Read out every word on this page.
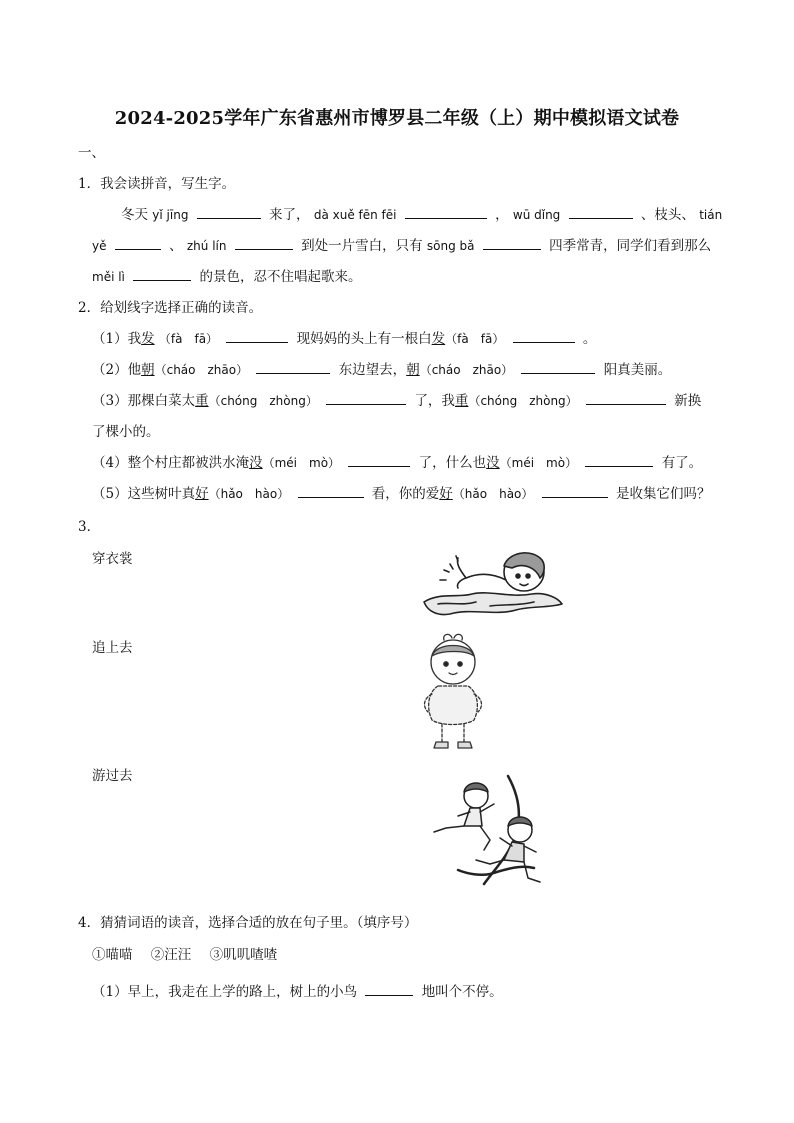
2024-2025学年广东省惠州市博罗县二年级（上）期中模拟语文试卷
一、
1．我会读拼音，写生字。
冬天 yǐ jīng	来了， dà xuě fēn fēi	， wū dǐng	、枝头、 tián
yě	、 zhú lín	到处一片雪白，只有 sōng bǎ	四季常青，同学们看到那么
měi lì	的景色，忍不住唱起歌来。
2．给划线字选择正确的读音。
（1）我发 （fà　fā）	现妈妈的头上有一根白发（fà　fā）	。
（2）他朝（cháo　zhāo）	东边望去，朝（cháo　zhāo）	阳真美丽。
（3）那棵白菜太重（chóng　zhòng）	了，我重（chóng　zhòng）	新换
了棵小的。
（4）整个村庄都被洪水淹没（méi　mò）	了，什么也没（méi　mò）	有了。
（5）这些树叶真好（hǎo　hào）	看，你的爱好（hǎo　hào）	是收集它们吗？
3．
穿衣裳
追上去
游过去
4．猜猜词语的读音，选择合适的放在句子里。（填序号）
①喵喵 ②汪汪 ③叽叽喳喳
（1）早上，我走在上学的路上，树上的小鸟	地叫个不停。
